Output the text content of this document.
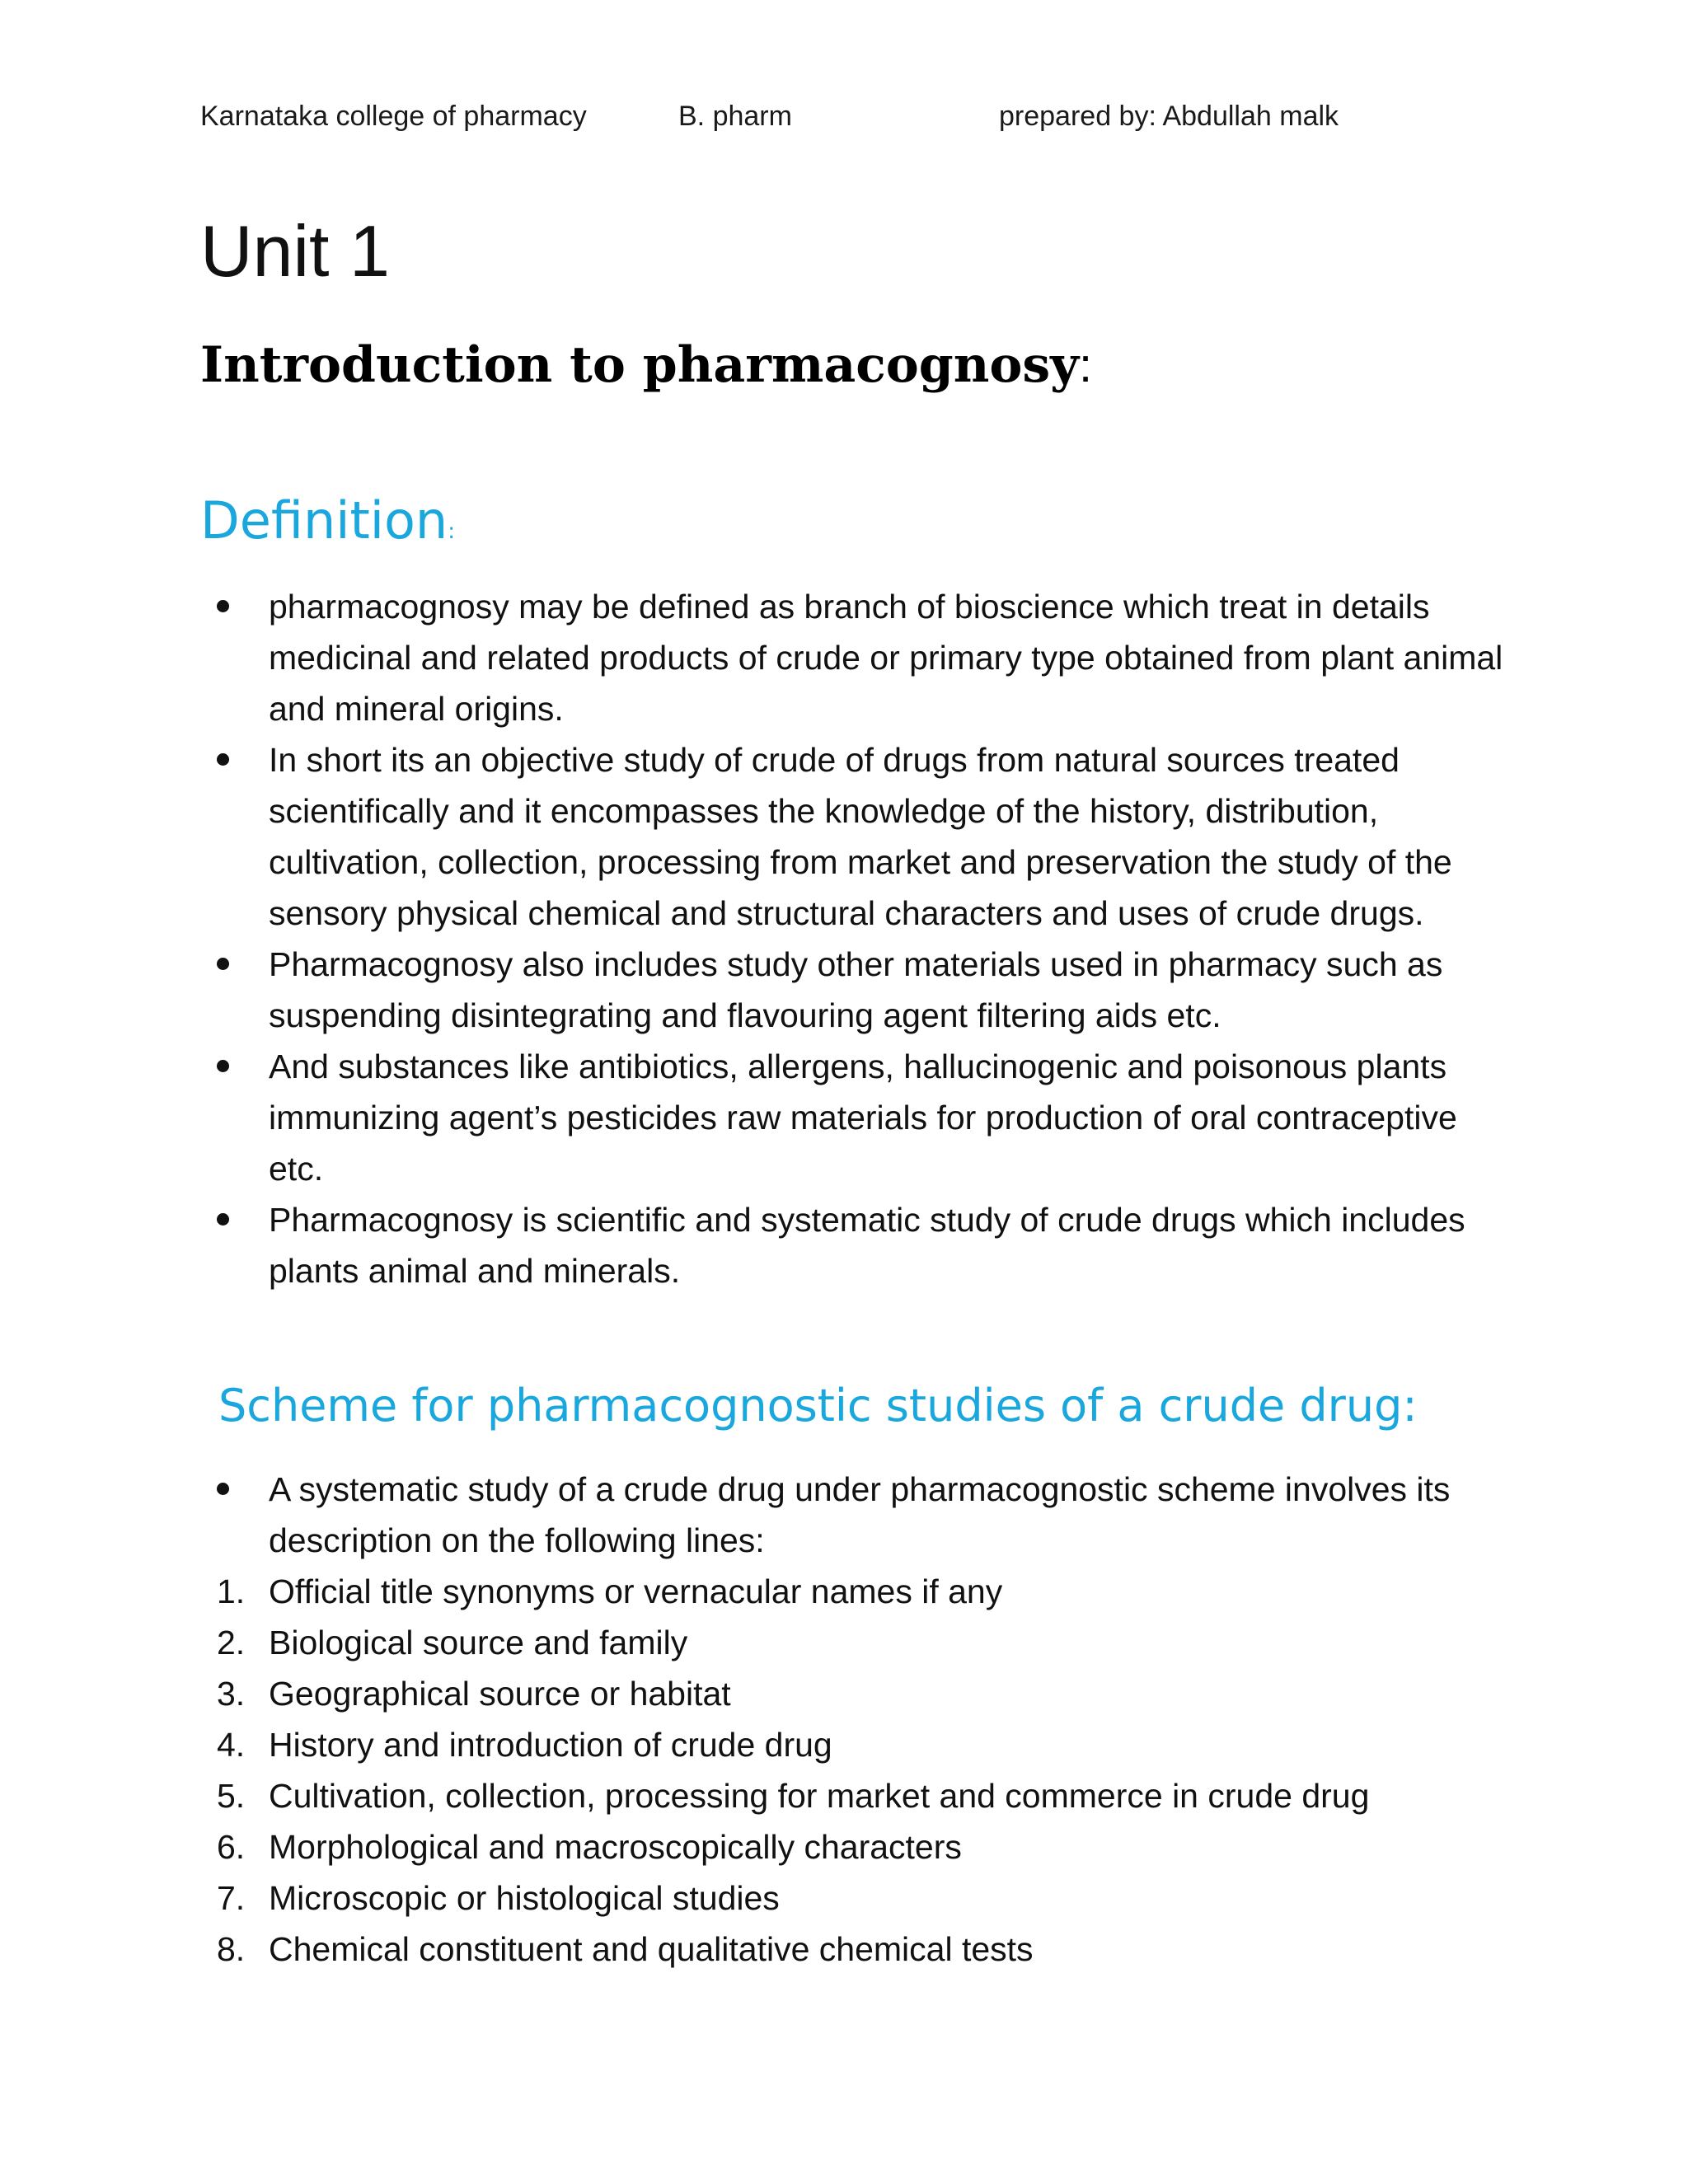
Karnataka college of pharmacy	B. pharm	prepared by: Abdullah malk
Unit 1
Introduction to pharmacognosy:
Definition:
pharmacognosy may be defined as branch of bioscience which treat in details medicinal and related products of crude or primary type obtained from plant animal and mineral origins.
In short its an objective study of crude of drugs from natural sources treated scientifically and it encompasses the knowledge of the history, distribution, cultivation, collection, processing from market and preservation the study of the sensory physical chemical and structural characters and uses of crude drugs.
Pharmacognosy also includes study other materials used in pharmacy such as suspending disintegrating and flavouring agent filtering aids etc.
And substances like antibiotics, allergens, hallucinogenic and poisonous plants immunizing agent’s pesticides raw materials for production of oral contraceptive etc.
Pharmacognosy is scientific and systematic study of crude drugs which includes plants animal and minerals.
Scheme for pharmacognostic studies of a crude drug:
A systematic study of a crude drug under pharmacognostic scheme involves its description on the following lines:
1. Official title synonyms or vernacular names if any
2. Biological source and family
3. Geographical source or habitat
4. History and introduction of crude drug
5. Cultivation, collection, processing for market and commerce in crude drug
6. Morphological and macroscopically characters
7. Microscopic or histological studies
8. Chemical constituent and qualitative chemical tests
